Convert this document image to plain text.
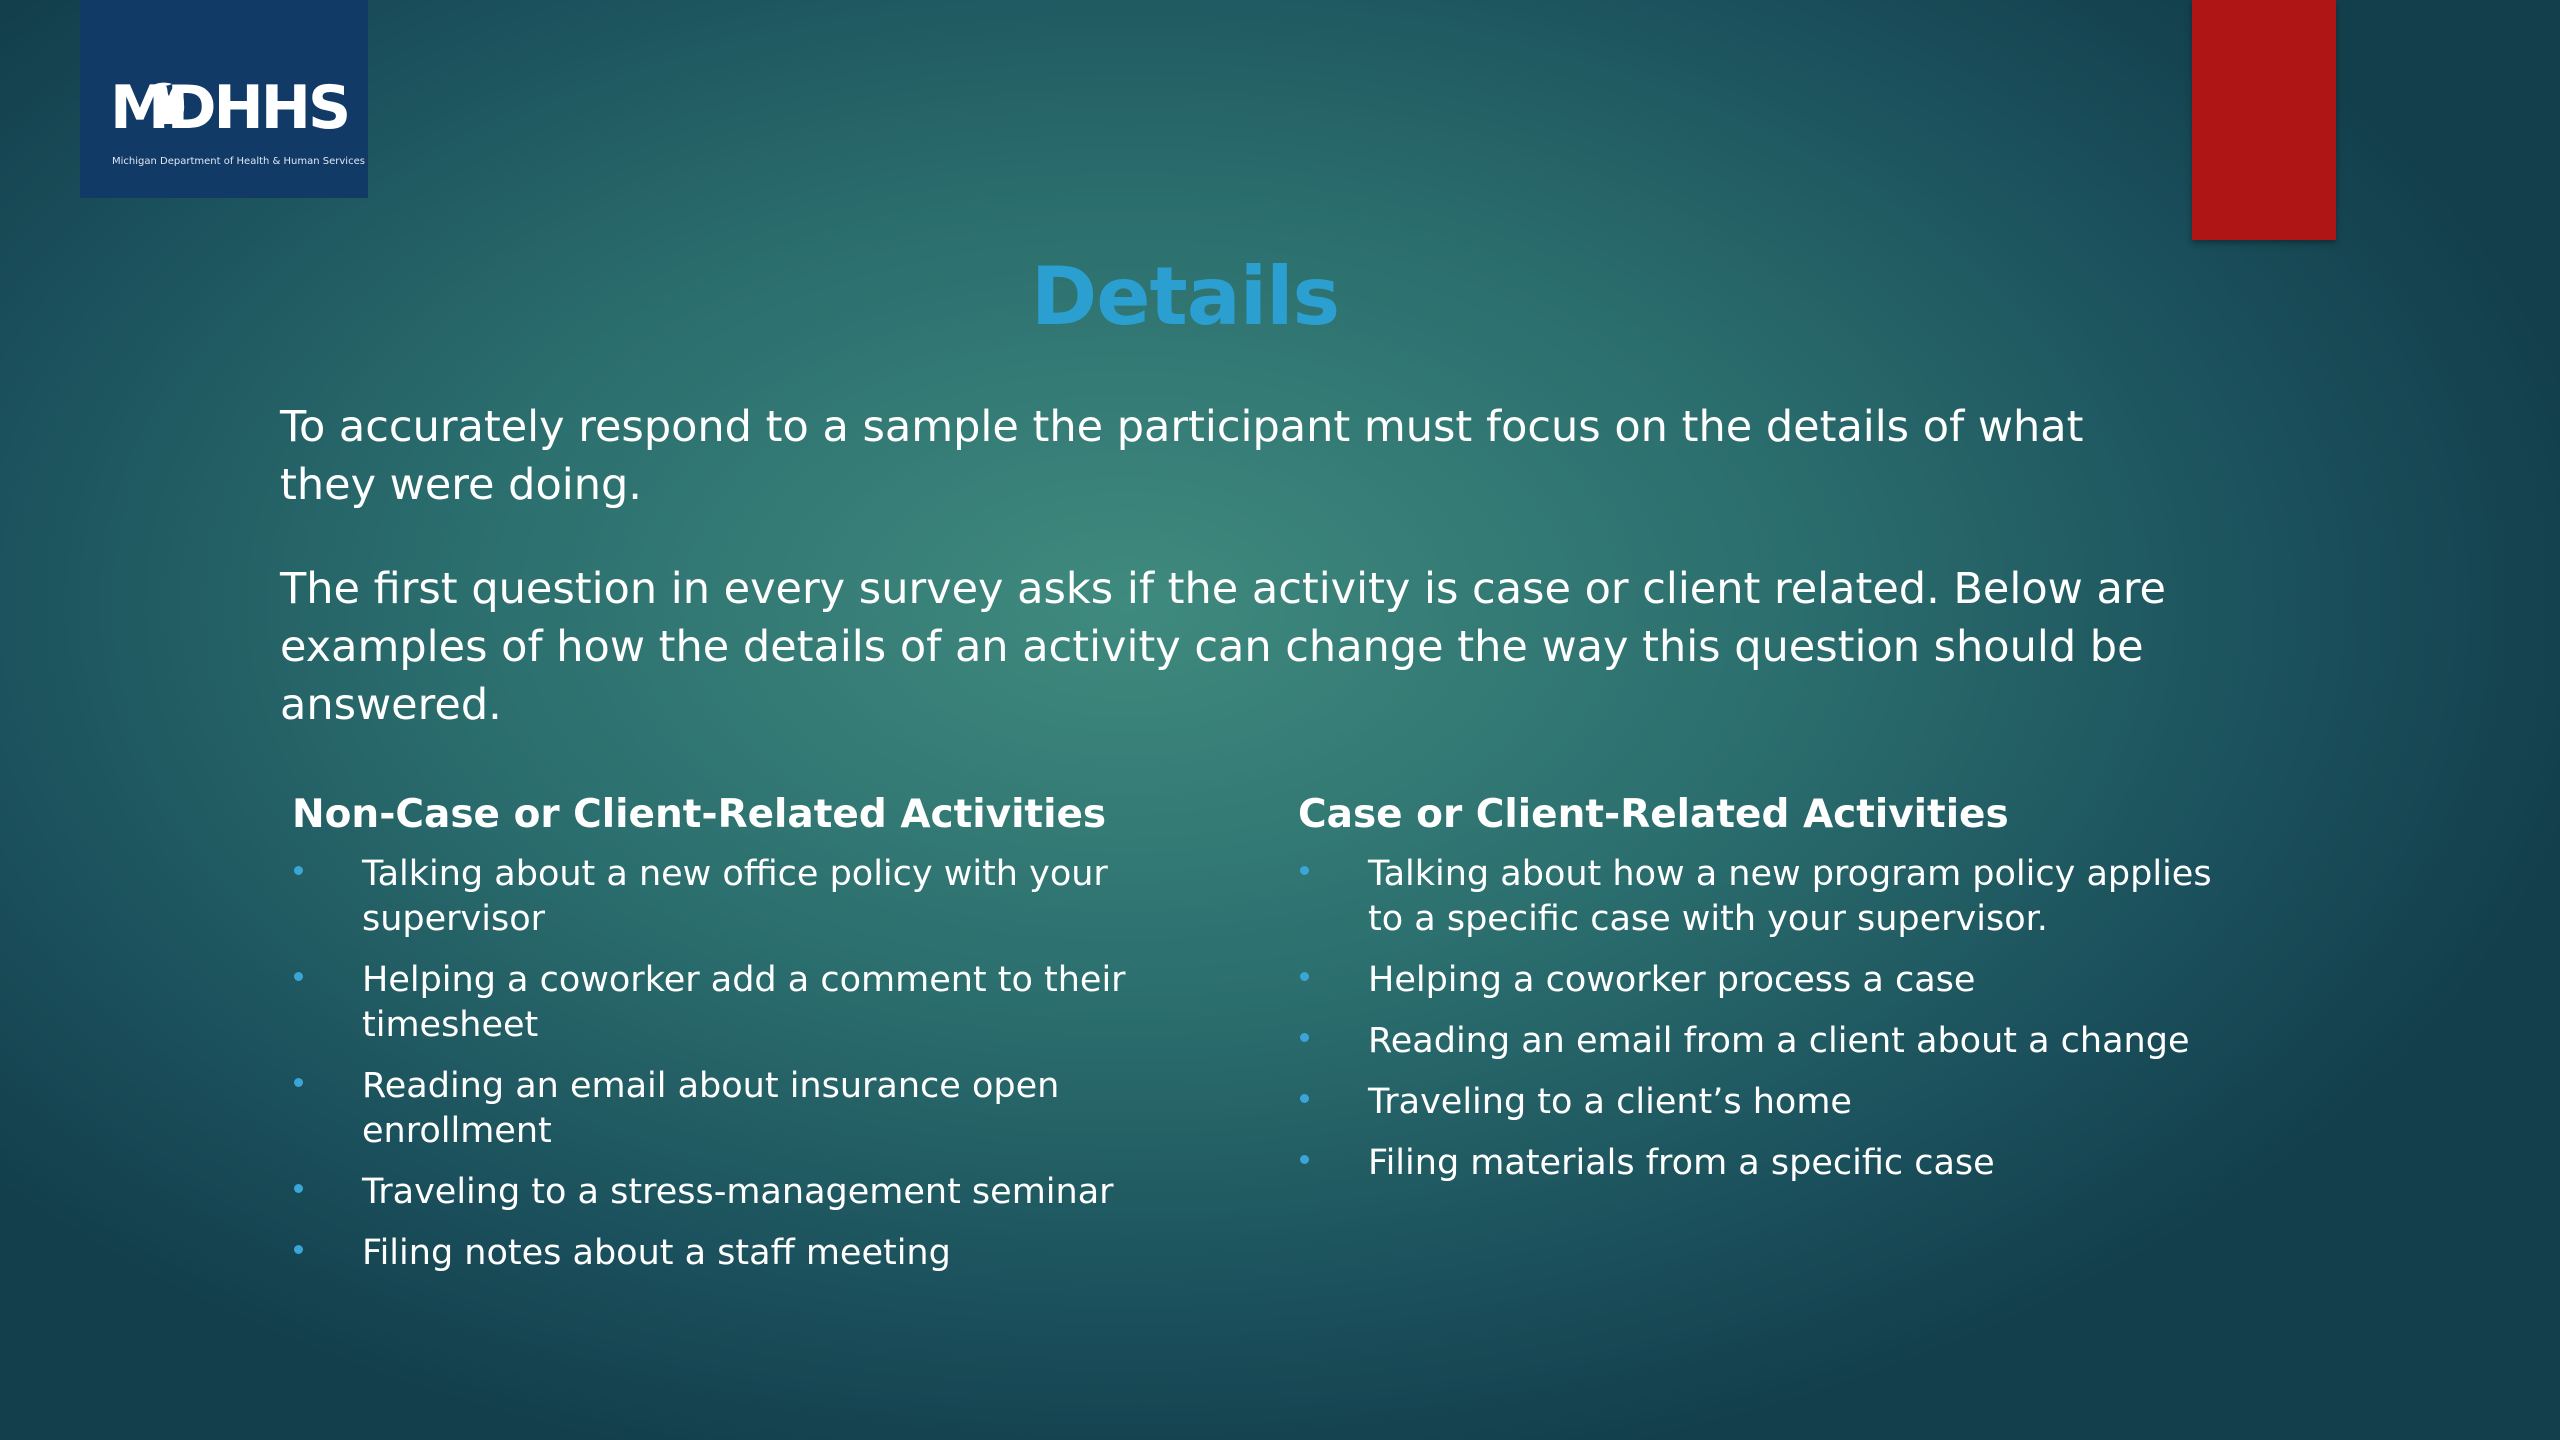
MDHHS
Michigan Department of Health & Human Services
Details
To accurately respond to a sample the participant must focus on the details of what they were doing.
The first question in every survey asks if the activity is case or client related. Below are examples of how the details of an activity can change the way this question should be answered.
Non-Case or Client-Related Activities
Talking about a new office policy with your supervisor
Helping a coworker add a comment to their timesheet
Reading an email about insurance open enrollment
Traveling to a stress-management seminar
Filing notes about a staff meeting
Case or Client-Related Activities
Talking about how a new program policy applies to a specific case with your supervisor.
Helping a coworker process a case
Reading an email from a client about a change
Traveling to a client’s home
Filing materials from a specific case
